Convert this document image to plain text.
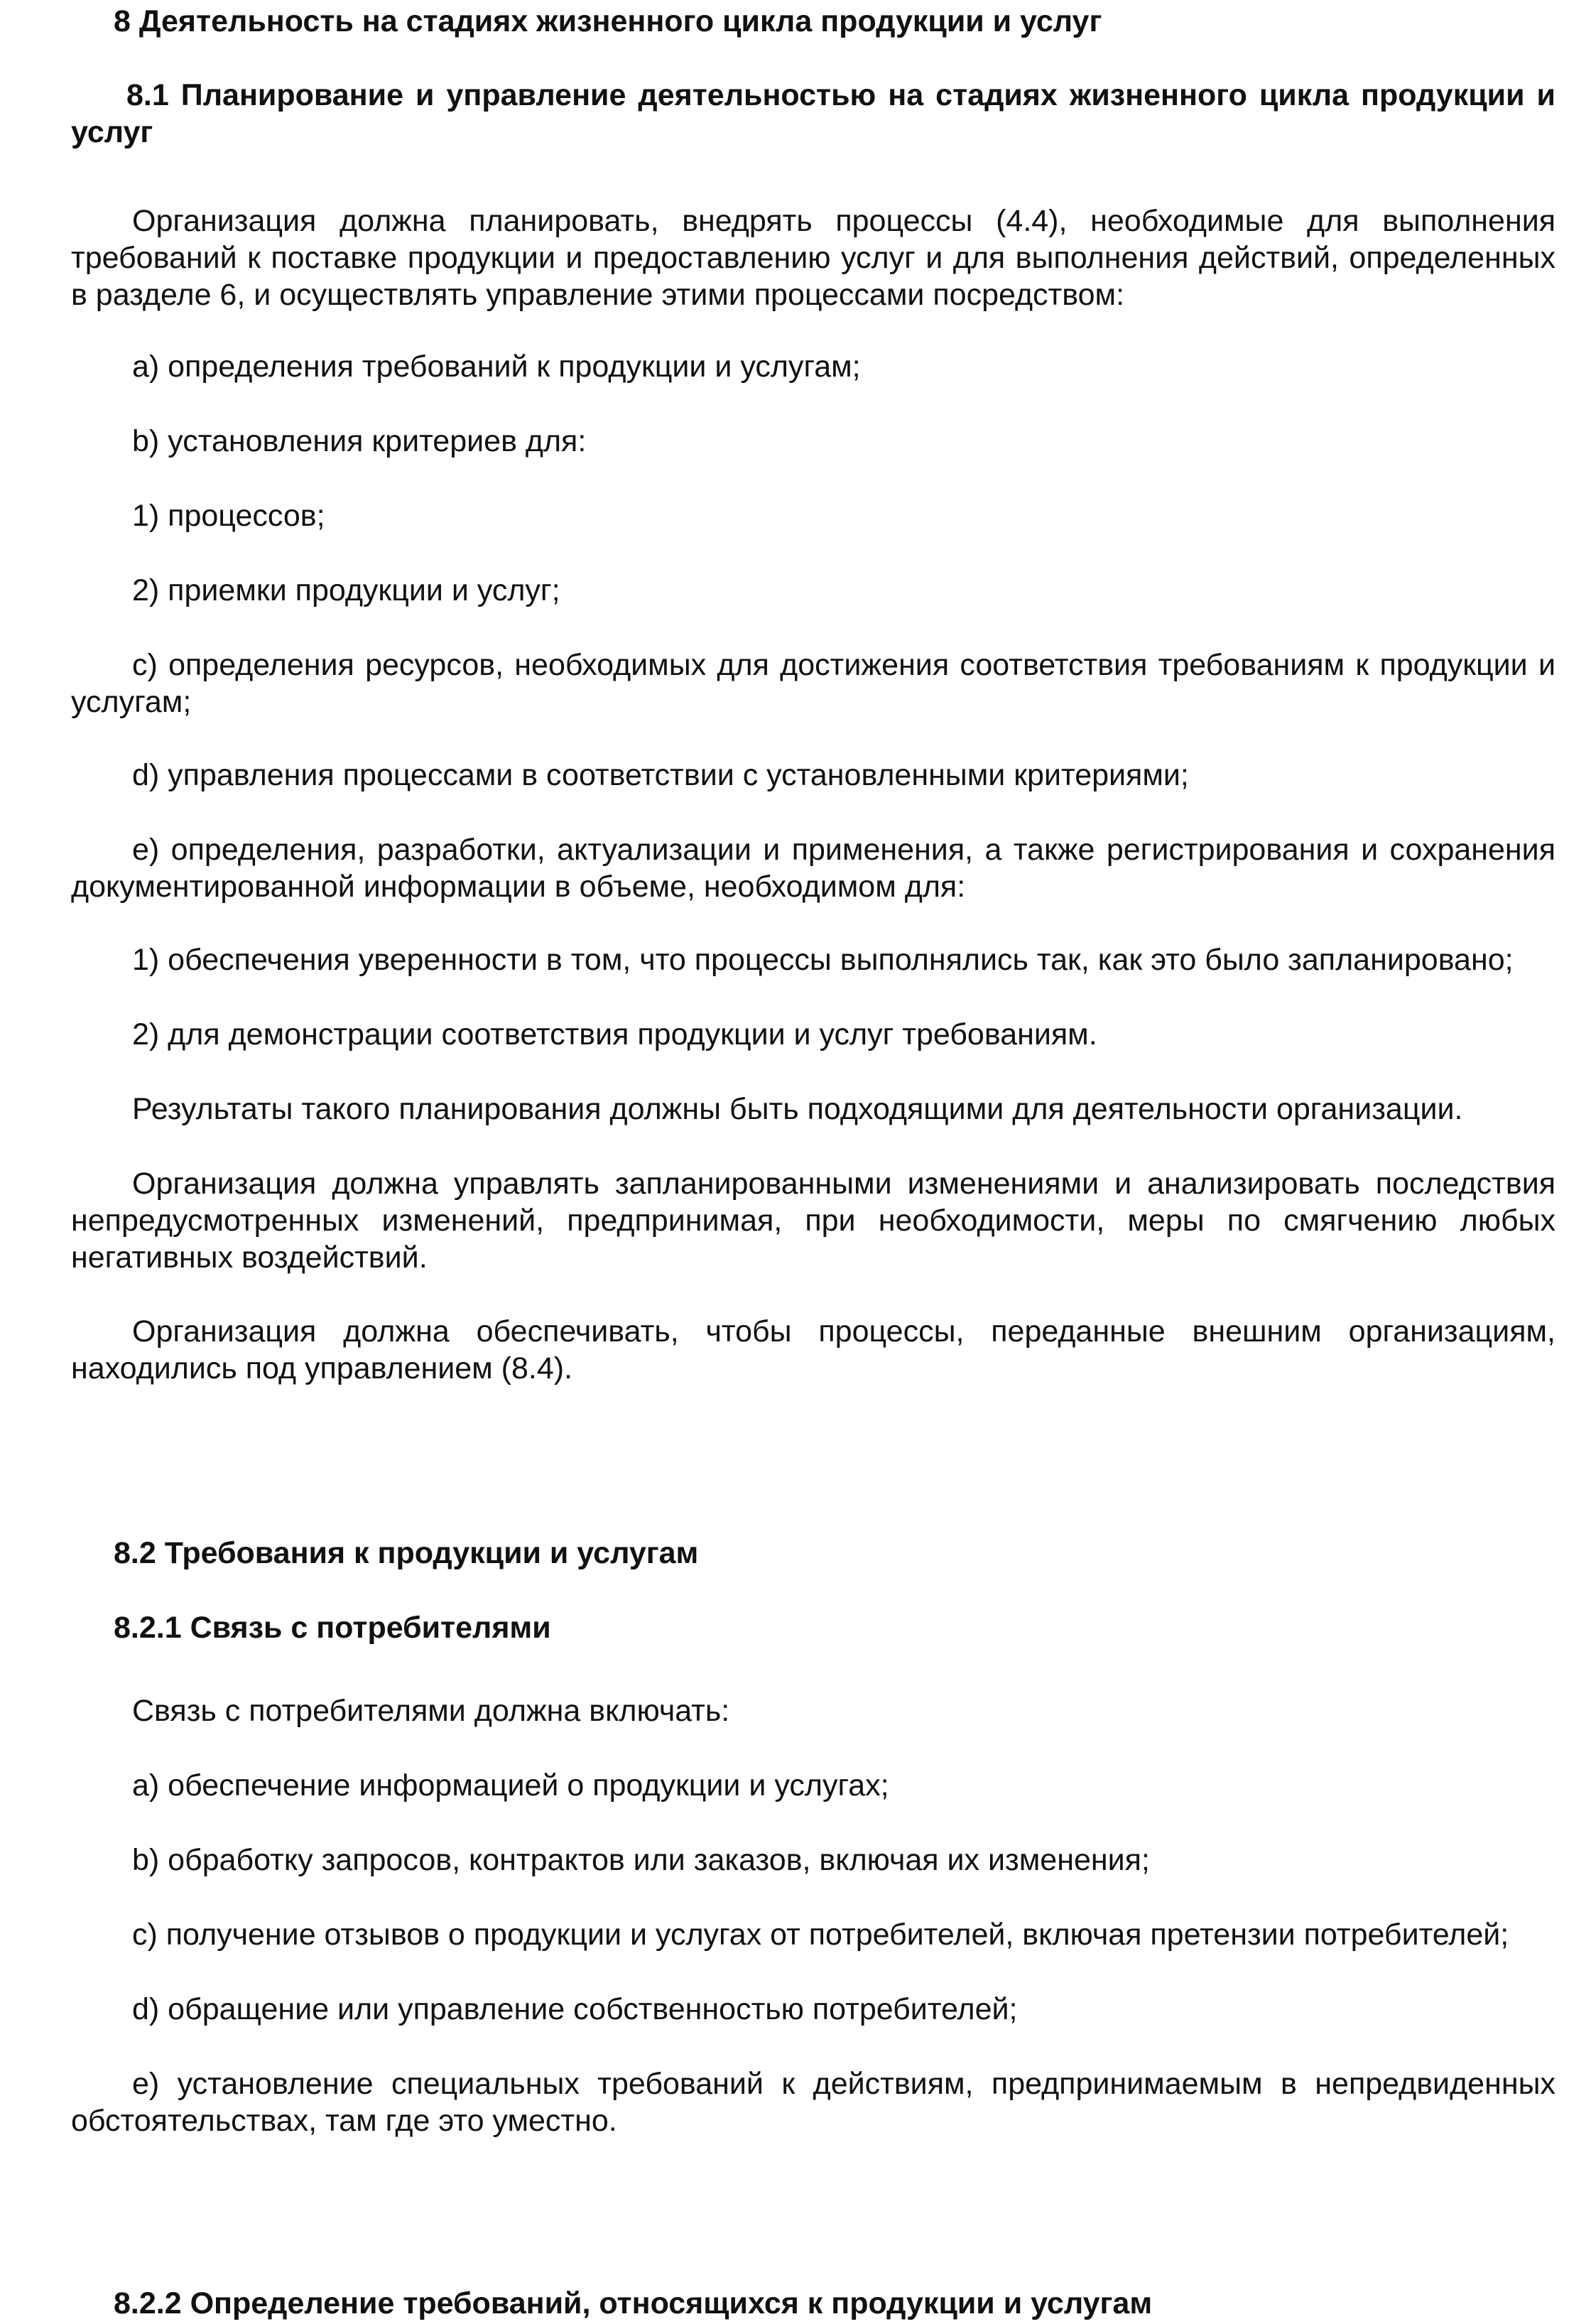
8 Деятельность на стадиях жизненного цикла продукции и услуг
8.1 Планирование и управление деятельностью на стадиях жизненного цикла продукции и услуг

Организация должна планировать, внедрять процессы (4.4), необходимые для выполнения требований к поставке продукции и предоставлению услуг и для выполнения действий, определенных в разделе 6, и осуществлять управление этими процессами посредством:

a) определения требований к продукции и услугам;

b) установления критериев для:

1) процессов;

2) приемки продукции и услуг;

c) определения ресурсов, необходимых для достижения соответствия требованиям к продукции и услугам;

d) управления процессами в соответствии с установленными критериями;

e) определения, разработки, актуализации и применения, а также регистрирования и сохранения документированной информации в объеме, необходимом для:

1) обеспечения уверенности в том, что процессы выполнялись так, как это было запланировано;

2) для демонстрации соответствия продукции и услуг требованиям.

Результаты такого планирования должны быть подходящими для деятельности организации.

Организация должна управлять запланированными изменениями и анализировать последствия непредусмотренных изменений, предпринимая, при необходимости, меры по смягчению любых негативных воздействий.

Организация должна обеспечивать, чтобы процессы, переданные внешним организациям, находились под управлением (8.4).

8.2 Требования к продукции и услугам
8.2.1 Связь с потребителями

Связь с потребителями должна включать:

a) обеспечение информацией о продукции и услугах;

b) обработку запросов, контрактов или заказов, включая их изменения;

c) получение отзывов о продукции и услугах от потребителей, включая претензии потребителей;

d) обращение или управление собственностью потребителей;

e) установление специальных требований к действиям, предпринимаемым в непредвиденных обстоятельствах, там где это уместно.

8.2.2 Определение требований, относящихся к продукции и услугам
